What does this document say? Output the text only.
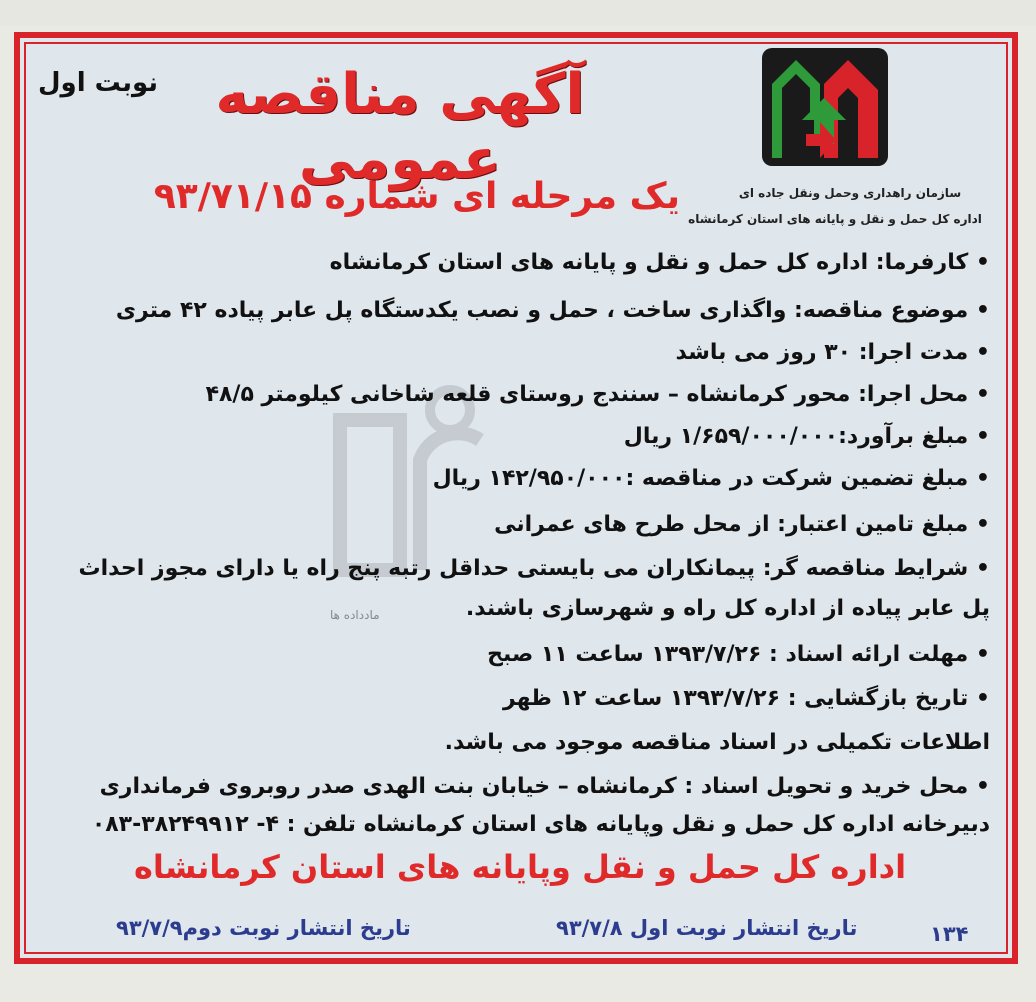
آگهی مناقصه عمومی
نوبت اول
یک مرحله ای شماره ۹۳/۷۱/۱۵	سازمان راهداری وحمل ونقل جاده ای
اداره کل حمل و نقل و پایانه های استان کرمانشاه
مادداده ها
• کارفرما: اداره کل حمل و نقل و پایانه های استان کرمانشاه
• موضوع مناقصه: واگذاری ساخت ، حمل و نصب یکدستگاه پل عابر پیاده ۴۲ متری
• مدت اجرا: ۳۰ روز می باشد
• محل اجرا: محور کرمانشاه – سنندج روستای قلعه شاخانی کیلومتر ۴۸/۵
• مبلغ برآورد:۱/۶۵۹/۰۰۰/۰۰۰ ریال
• مبلغ تضمین شرکت در مناقصه :۱۴۲/۹۵۰/۰۰۰ ریال
• مبلغ تامین اعتبار: از محل طرح های عمرانی
• شرایط مناقصه گر: پیمانکاران می بایستی حداقل رتبه پنج راه یا دارای مجوز احداث
پل عابر پیاده از اداره کل راه و شهرسازی باشند.
• مهلت ارائه اسناد : ۱۳۹۳/۷/۲۶ ساعت ۱۱ صبح
• تاریخ بازگشایی : ۱۳۹۳/۷/۲۶ ساعت ۱۲ ظهر
اطلاعات تکمیلی در اسناد مناقصه موجود می باشد.
• محل خرید و تحویل اسناد : کرمانشاه – خیابان بنت الهدی صدر روبروی فرمانداری
دبیرخانه اداره کل حمل و نقل وپایانه های استان کرمانشاه تلفن : ۴- ۳۸۲۴۹۹۱۲-۰۸۳
اداره کل حمل و نقل وپایانه های استان کرمانشاه
تاریخ انتشار نوبت اول ۹۳/۷/۸
تاریخ انتشار نوبت دوم۹۳/۷/۹	۱۳۴
